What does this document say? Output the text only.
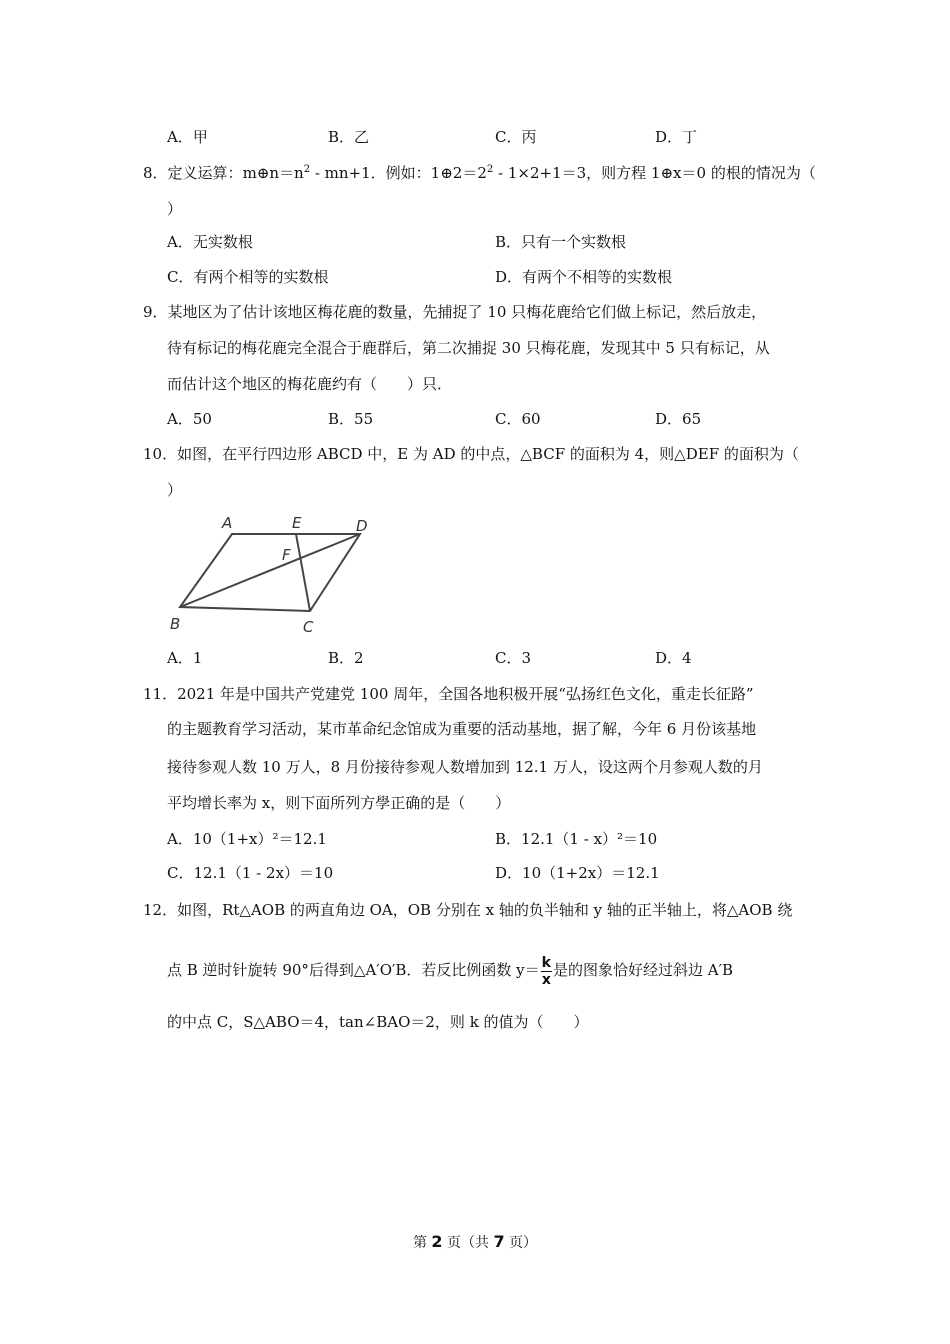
A．甲	B．乙	C．丙	D．丁
8．定义运算：$m\oplus n=n^2 - mn+1$．例如：$1\oplus 2=2^2 - 1\times 2+1=3$，则方程 1⊕x＝0 的根的情况为（
）
A．无实数根	B．只有一个实数根
C．有两个相等的实数根	D．有两个不相等的实数根
9．某地区为了估计该地区梅花鹿的数量，先捕捉了 10 只梅花鹿给它们做上标记，然后放走，
待有标记的梅花鹿完全混合于鹿群后，第二次捕捉 30 只梅花鹿，发现其中 5 只有标记，从
而估计这个地区的梅花鹿约有（　　）只．
A．50	B．55	C．60	D．65
10．如图，在平行四边形 ABCD 中，E 为 AD 的中点，△BCF 的面积为 4，则△DEF 的面积为（
）
A	E	D
F
B	C
A．1	B．2	C．3	D．4
11．2021 年是中国共产党建党 100 周年，全国各地积极开展“弘扬红色文化，重走长征路”
的主题教育学习活动，某市革命纪念馆成为重要的活动基地，据了解，今年 6 月份该基地
接待参观人数 10 万人，8 月份接待参观人数增加到 12.1 万人，设这两个月参观人数的月
平均增长率为 x，则下面所列方學正确的是（　　）
A．10（1+x）²＝12.1	B．12.1（1 - x）²＝10
C．12.1（1 - 2x）＝10	D．10（1+2x）＝12.1
12．如图，Rt△AOB 的两直角边 OA，OB 分别在 x 轴的负半轴和 y 轴的正半轴上，将△AOB 绕
点 B 逆时针旋转 90°后得到△A′O′B．若反比例函数 $y= \frac{k}{x}$ 是的图象恰好经过斜边 A′B
的中点 C，S△ABO＝4，tan∠BAO＝2，则 k 的值为（　　）
第 2 页（共 7 页）
